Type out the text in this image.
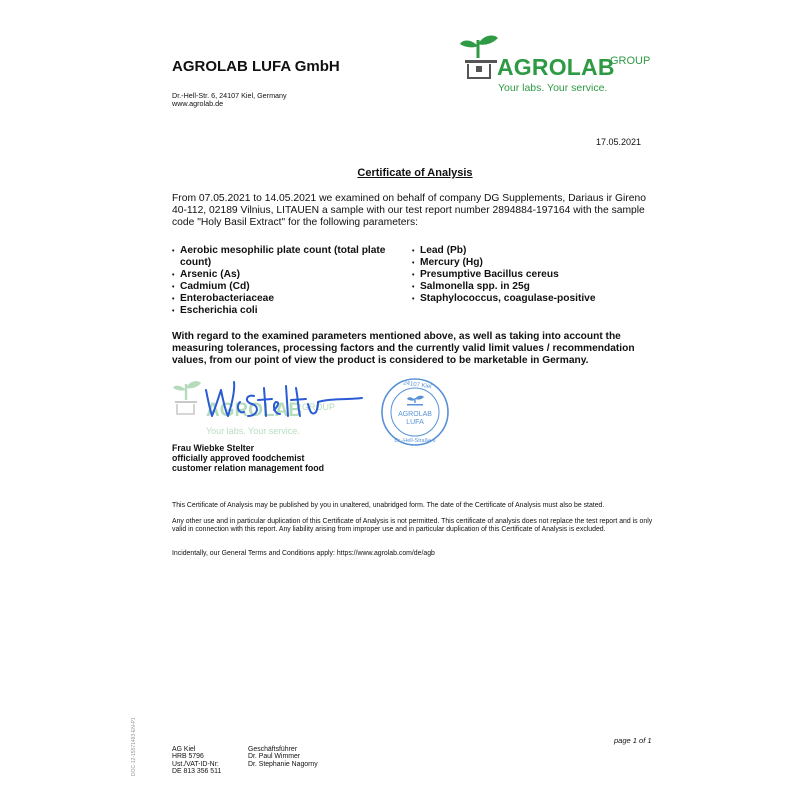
AGROLAB LUFA GmbH
Dr.-Hell-Str. 6, 24107 Kiel, Germany
www.agrolab.de
AGROLAB
GROUP
Your labs. Your service.
17.05.2021
Certificate of Analysis
From 07.05.2021 to 14.05.2021 we examined on behalf of company DG Supplements, Dariaus ir Gireno 40-112, 02189 Vilnius, LITAUEN a sample with our test report number 2894884-197164 with the sample code "Holy Basil Extract" for the following parameters:
•
Aerobic mesophilic plate count (total plate count)
•
Arsenic (As)
•
Cadmium (Cd)
•
Enterobacteriaceae
•
Escherichia coli
•
Lead (Pb)
•
Mercury (Hg)
•
Presumptive Bacillus cereus
•
Salmonella spp. in 25g
•
Staphylococcus, coagulase-positive
With regard to the examined parameters mentioned above, as well as taking into account the measuring tolerances, processing factors and the currently valid limit values / recommendation values, from our point of view the product is considered to be marketable in Germany.
AGROLAB GROUP
Your labs. Your service.
24107 Kiel
AGROLAB
LUFA
Dr.-Hell-Straße 6
Frau Wiebke Stelter
officially approved foodchemist
customer relation management food
This Certificate of Analysis may be published by you in unaltered, unabridged form. The date of the Certificate of Analysis must also be stated.
Any other use and in particular duplication of this Certificate of Analysis is not permitted. This certificate of analysis does not replace the test report and is only valid in connection with this report. Any liability arising from improper use and in particular duplication of this Certificate of Analysis is excluded.
Incidentally, our General Terms and Conditions apply: https://www.agrolab.com/de/agb
DOC-12-15571483-EN-P1	page 1 of 1
AG Kiel
HRB 5796
Ust./VAT-ID-Nr:
DE 813 356 511
Geschäftsführer
Dr. Paul Wimmer
Dr. Stephanie Nagorny
